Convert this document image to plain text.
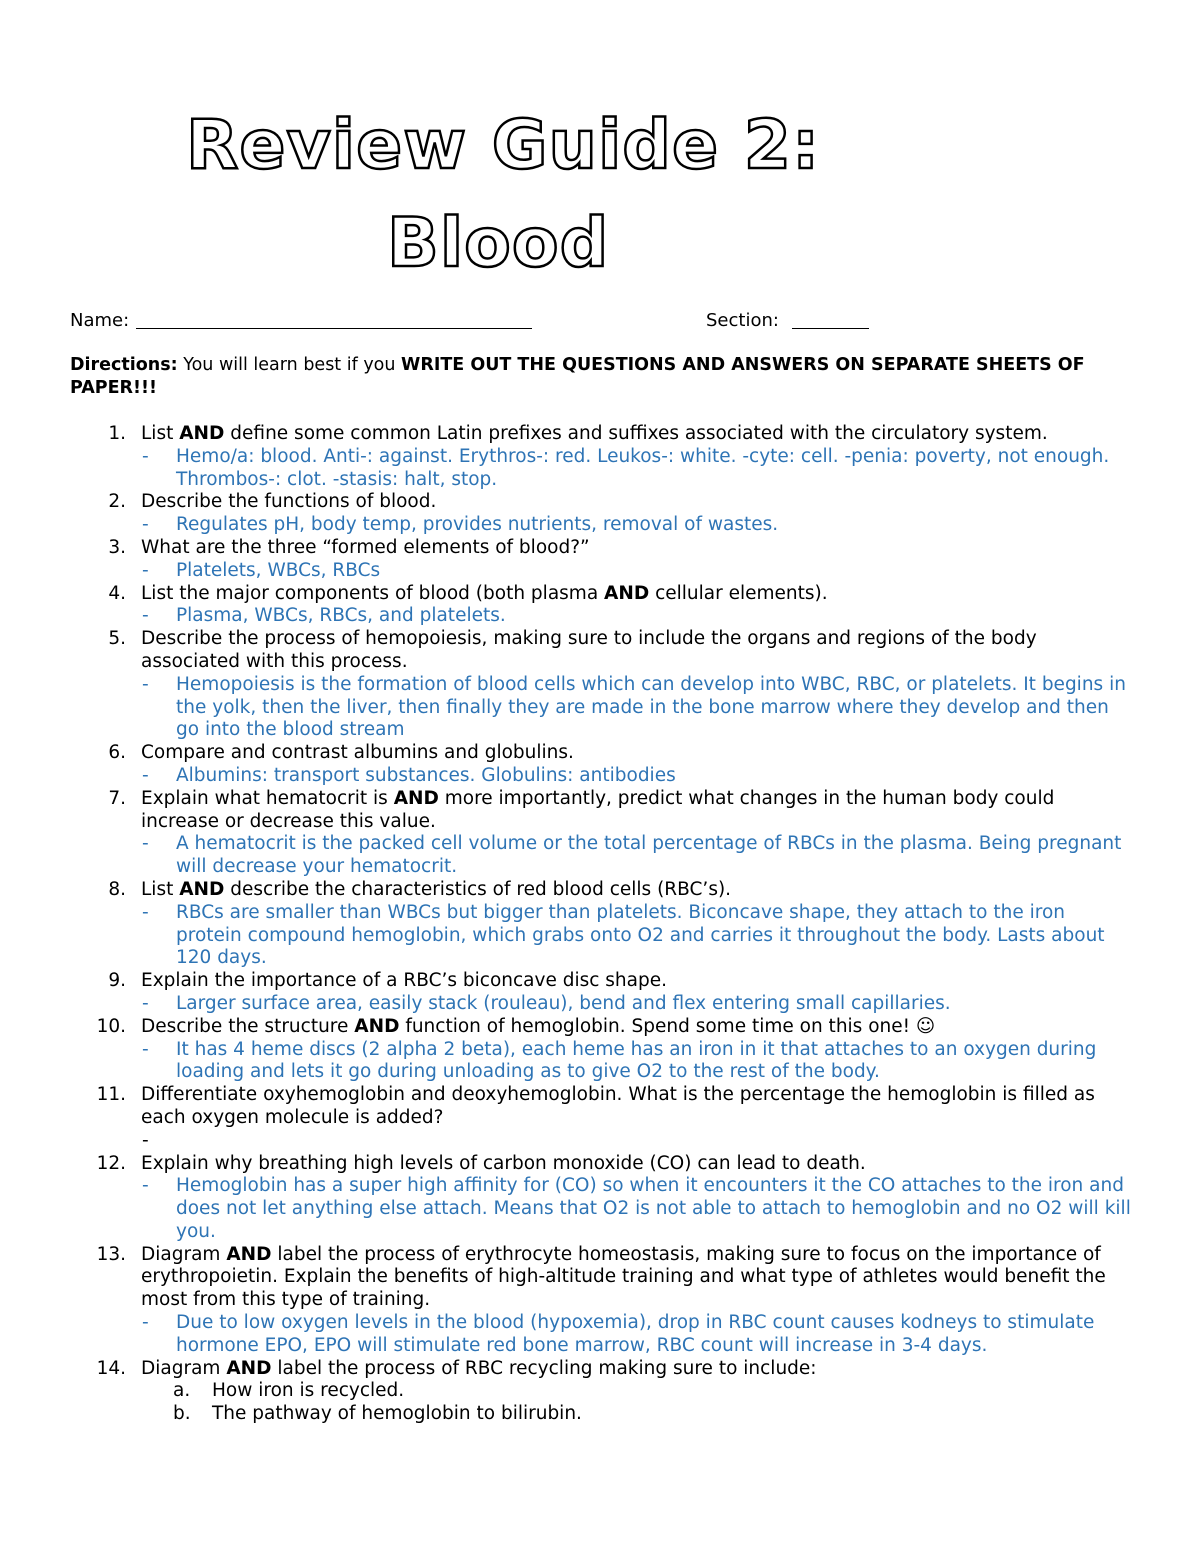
Review Guide 2:
Blood
Name:	Section:
Directions: You will learn best if you WRITE OUT THE QUESTIONS AND ANSWERS ON SEPARATE SHEETS OF PAPER!!!
1. List AND define some common Latin prefixes and suffixes associated with the circulatory system.
- Hemo/a: blood. Anti-: against. Erythros-: red. Leukos-: white. -cyte: cell. -penia: poverty, not enough. Thrombos-: clot. -stasis: halt, stop.
2. Describe the functions of blood.
- Regulates pH, body temp, provides nutrients, removal of wastes.
3. What are the three “formed elements of blood?”
- Platelets, WBCs, RBCs
4. List the major components of blood (both plasma AND cellular elements).
- Plasma, WBCs, RBCs, and platelets.
5. Describe the process of hemopoiesis, making sure to include the organs and regions of the body associated with this process.
- Hemopoiesis is the formation of blood cells which can develop into WBC, RBC, or platelets. It begins in the yolk, then the liver, then finally they are made in the bone marrow where they develop and then go into the blood stream
6. Compare and contrast albumins and globulins.
- Albumins: transport substances. Globulins: antibodies
7. Explain what hematocrit is AND more importantly, predict what changes in the human body could increase or decrease this value.
- A hematocrit is the packed cell volume or the total percentage of RBCs in the plasma. Being pregnant will decrease your hematocrit.
8. List AND describe the characteristics of red blood cells (RBC’s).
- RBCs are smaller than WBCs but bigger than platelets. Biconcave shape, they attach to the iron protein compound hemoglobin, which grabs onto O2 and carries it throughout the body. Lasts about 120 days.
9. Explain the importance of a RBC’s biconcave disc shape.
- Larger surface area, easily stack (rouleau), bend and flex entering small capillaries.
10. Describe the structure AND function of hemoglobin. Spend some time on this one! ☺
- It has 4 heme discs (2 alpha 2 beta), each heme has an iron in it that attaches to an oxygen during loading and lets it go during unloading as to give O2 to the rest of the body.
11. Differentiate oxyhemoglobin and deoxyhemoglobin. What is the percentage the hemoglobin is filled as each oxygen molecule is added?
-

12. Explain why breathing high levels of carbon monoxide (CO) can lead to death.
- Hemoglobin has a super high affinity for (CO) so when it encounters it the CO attaches to the iron and does not let anything else attach. Means that O2 is not able to attach to hemoglobin and no O2 will kill you.
13. Diagram AND label the process of erythrocyte homeostasis, making sure to focus on the importance of erythropoietin. Explain the benefits of high-altitude training and what type of athletes would benefit the most from this type of training.
- Due to low oxygen levels in the blood (hypoxemia), drop in RBC count causes kodneys to stimulate hormone EPO, EPO will stimulate red bone marrow, RBC count will increase in 3-4 days.
14. Diagram AND label the process of RBC recycling making sure to include:
a. How iron is recycled.
b. The pathway of hemoglobin to bilirubin.
